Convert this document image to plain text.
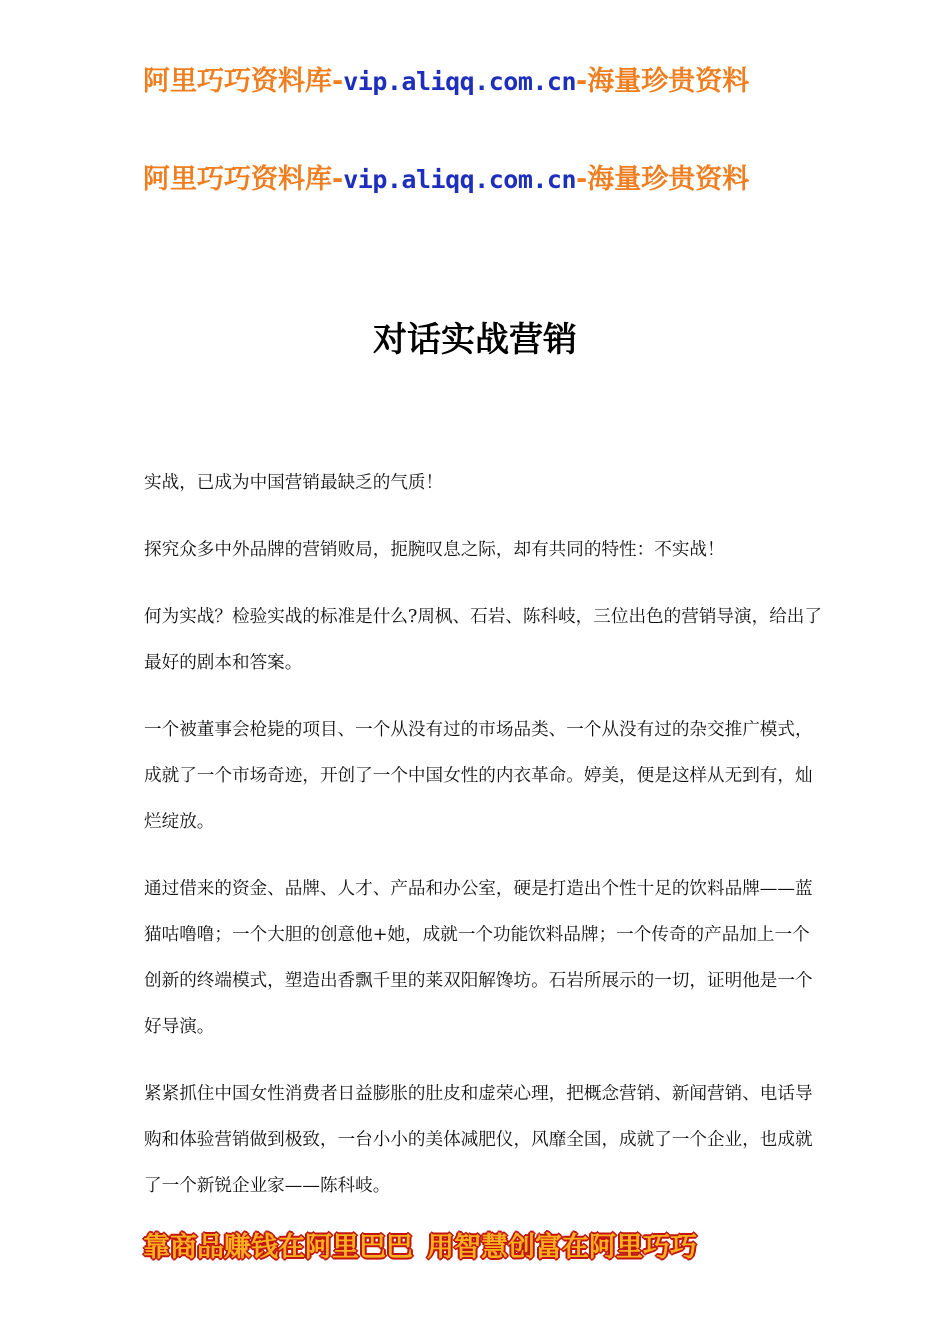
阿里巧巧资料库-vip.aliqq.com.cn-海量珍贵资料
阿里巧巧资料库-vip.aliqq.com.cn-海量珍贵资料
对话实战营销

实战，已成为中国营销最缺乏的气质！

探究众多中外品牌的营销败局，扼腕叹息之际，却有共同的特性：不实战！

何为实战？检验实战的标准是什么?周枫、石岩、陈科岐，三位出色的营销导演，给出了最好的剧本和答案。

一个被董事会枪毙的项目、一个从没有过的市场品类、一个从没有过的杂交推广模式，成就了一个市场奇迹，开创了一个中国女性的内衣革命。婷美，便是这样从无到有，灿烂绽放。

通过借来的资金、品牌、人才、产品和办公室，硬是打造出个性十足的饮料品牌——蓝猫咕噜噜；一个大胆的创意他+她，成就一个功能饮料品牌；一个传奇的产品加上一个创新的终端模式，塑造出香飘千里的莱双阳解馋坊。石岩所展示的一切，证明他是一个好导演。

紧紧抓住中国女性消费者日益膨胀的肚皮和虚荣心理，把概念营销、新闻营销、电话导购和体验营销做到极致，一台小小的美体减肥仪，风靡全国，成就了一个企业，也成就了一个新锐企业家——陈科岐。

靠商品赚钱在阿里巴巴 用智慧创富在阿里巧巧
